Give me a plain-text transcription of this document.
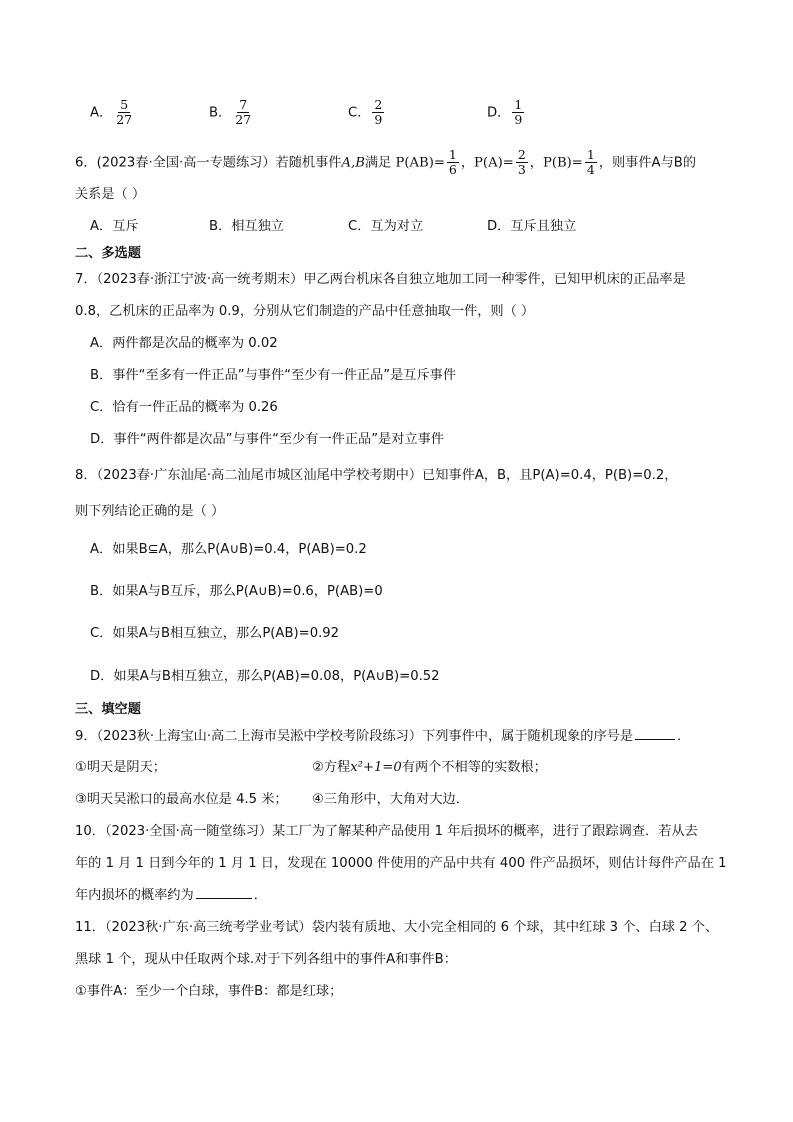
A． $\frac{5}{27}$	B． $\frac{7}{27}$	C． $\frac{2}{9}$	D． $\frac{1}{9}$
6．(2023春·全国·高一专题练习）若随机事件A,B满足 $P(AB)= \frac{1}{6}$ ，$P(A)= \frac{2}{3}$ ，$P(B)= \frac{1}{4}$ ，则事件A与B的
关系是（ ）
A．互斥	B．相互独立	C．互为对立	D．互斥且独立
二、多选题
7．（2023春·浙江宁波·高一统考期末）甲乙两台机床各自独立地加工同一种零件，已知甲机床的正品率是
0.8，乙机床的正品率为 0.9，分别从它们制造的产品中任意抽取一件，则（ ）
A．两件都是次品的概率为 0.02
B．事件“至多有一件正品”与事件“至少有一件正品”是互斥事件
C．恰有一件正品的概率为 0.26
D．事件“两件都是次品”与事件“至少有一件正品”是对立事件
8．（2023春·广东汕尾·高二汕尾市城区汕尾中学校考期中）已知事件A，B，且P(A)=0.4，P(B)=0.2，
则下列结论正确的是（ ）
A．如果B⊆A，那么P(A∪B)=0.4，P(AB)=0.2
B．如果A与B互斥，那么P(A∪B)=0.6，P(AB)=0
C．如果A与B相互独立，那么P(AB)=0.92
D．如果A与B相互独立，那么P(AB)=0.08，P(A∪B)=0.52
三、填空题
9．（2023秋·上海宝山·高二上海市吴淞中学校考阶段练习）下列事件中，属于随机现象的序号是	．
①明天是阴天；	②方程x²+1=0有两个不相等的实数根；
③明天吴淞口的最高水位是 4.5 米； ④三角形中，大角对大边．
10．（2023·全国·高一随堂练习）某工厂为了解某种产品使用 1 年后损坏的概率，进行了跟踪调查．若从去
年的 1 月 1 日到今年的 1 月 1 日，发现在 10000 件使用的产品中共有 400 件产品损坏，则估计每件产品在 1
年内损坏的概率约为	．
11．（2023秋·广东·高三统考学业考试）袋内装有质地、大小完全相同的 6 个球，其中红球 3 个、白球 2 个、
黑球 1 个，现从中任取两个球.对于下列各组中的事件A和事件B：
①事件A：至少一个白球，事件B：都是红球；
